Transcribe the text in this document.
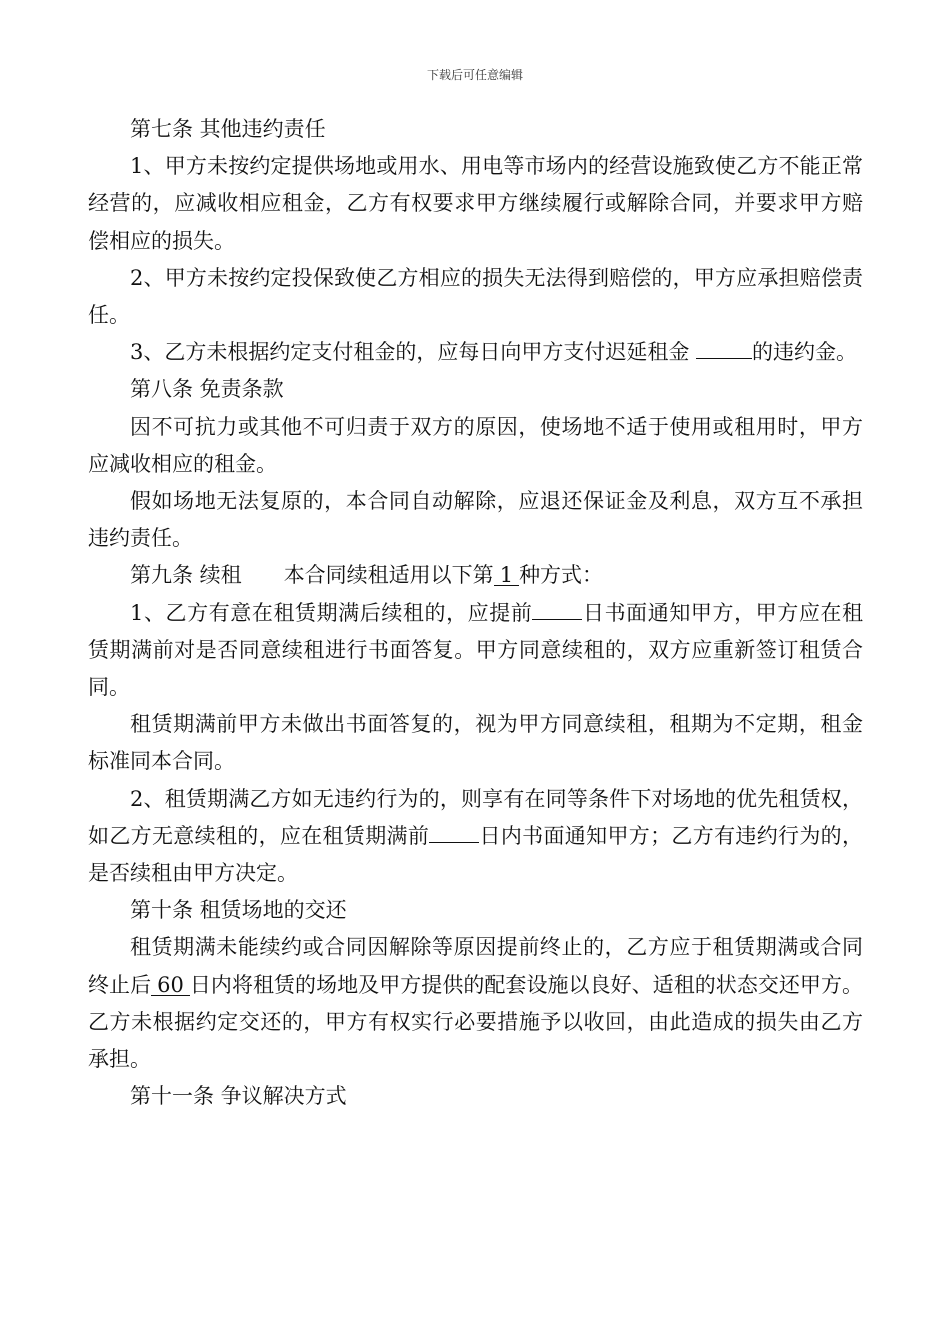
下载后可任意编辑

第七条 其他违约责任

1、甲方未按约定提供场地或用水、用电等市场内的经营设施致使乙方不能正常经营的，应减收相应租金，乙方有权要求甲方继续履行或解除合同，并要求甲方赔偿相应的损失。

2、甲方未按约定投保致使乙方相应的损失无法得到赔偿的，甲方应承担赔偿责任。

3、乙方未根据约定支付租金的，应每日向甲方支付迟延租金	的违约金。

第八条 免责条款

因不可抗力或其他不可归责于双方的原因，使场地不适于使用或租用时，甲方应减收相应的租金。

假如场地无法复原的，本合同自动解除，应退还保证金及利息，双方互不承担违约责任。

第九条 续租 本合同续租适用以下第 1 种方式：

1、乙方有意在租赁期满后续租的，应提前 日书面通知甲方，甲方应在租赁期满前对是否同意续租进行书面答复。甲方同意续租的，双方应重新签订租赁合同。

租赁期满前甲方未做出书面答复的，视为甲方同意续租，租期为不定期，租金标准同本合同。

2、租赁期满乙方如无违约行为的，则享有在同等条件下对场地的优先租赁权，如乙方无意续租的，应在租赁期满前 日内书面通知甲方；乙方有违约行为的，是否续租由甲方决定。

第十条 租赁场地的交还

租赁期满未能续约或合同因解除等原因提前终止的，乙方应于租赁期满或合同终止后 60 日内将租赁的场地及甲方提供的配套设施以良好、适租的状态交还甲方。乙方未根据约定交还的，甲方有权实行必要措施予以收回，由此造成的损失由乙方承担。

第十一条 争议解决方式
